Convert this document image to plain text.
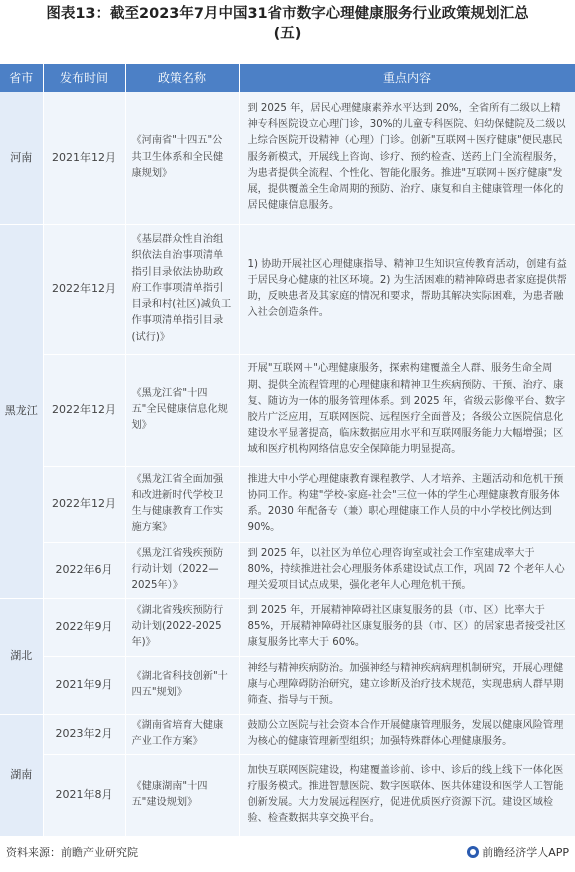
图表13：截至2023年7月中国31省市数字心理健康服务行业政策规划汇总
(五)
省市	发布时间	政策名称	重点内容
河南	2021年12月	《河南省"十四五"公共卫生体系和全民健康规划》	到 2025 年，居民心理健康素养水平达到 20%，全省所有二级以上精神专科医院设立心理门诊，30%的儿童专科医院、妇幼保健院及二级以上综合医院开设精神（心理）门诊。创新"互联网＋医疗健康"便民惠民服务新模式，开展线上咨询、诊疗、预约检查、送药上门全流程服务，为患者提供全流程、个性化、智能化服务。推进"互联网＋医疗健康"发展，提供覆盖全生命周期的预防、治疗、康复和自主健康管理一体化的居民健康信息服务。
黑龙江	2022年12月	《基层群众性自治组织依法自治事项清单指引目录依法协助政府工作事项清单指引目录和村(社区)减负工作事项清单指引目录(试行)》	1) 协助开展社区心理健康指导、精神卫生知识宣传教育活动，创建有益于居民身心健康的社区环境。2) 为生活困难的精神障碍患者家庭提供帮助，反映患者及其家庭的情况和要求，帮助其解决实际困难，为患者融入社会创造条件。
	2022年12月	《黑龙江省"十四五"全民健康信息化规划》	开展"互联网＋"心理健康服务，探索构建覆盖全人群、服务生命全周期、提供全流程管理的心理健康和精神卫生疾病预防、干预、治疗、康复、随访为一体的服务管理体系。到 2025 年，省级云影像平台、数字胶片广泛应用，互联网医院、远程医疗全面普及；各级公立医院信息化建设水平显著提高，临床数据应用水平和互联网服务能力大幅增强；区域和医疗机构网络信息安全保障能力明显提高。
	2022年12月	《黑龙江省全面加强和改进新时代学校卫生与健康教育工作实施方案》	推进大中小学心理健康教育课程教学、人才培养、主题活动和危机干预协同工作。构建"学校-家庭-社会"三位一体的学生心理健康教育服务体系。2030 年配备专（兼）职心理健康工作人员的中小学校比例达到 90%。
	2022年6月	《黑龙江省残疾预防行动计划（2022—2025年）》	到 2025 年，以社区为单位心理咨询室或社会工作室建成率大于 80%，持续推进社会心理服务体系建设试点工作，巩固 72 个老年人心理关爱项目试点成果，强化老年人心理危机干预。
湖北	2022年9月	《湖北省残疾预防行动计划(2022-2025年)》	到 2025 年，开展精神障碍社区康复服务的县（市、区）比率大于 85%，开展精神障碍社区康复服务的县（市、区）的居家患者接受社区康复服务比率大于 60%。
	2021年9月	《湖北省科技创新"十四五"规划》	神经与精神疾病防治。加强神经与精神疾病病理机制研究，开展心理健康与心理障碍防治研究，建立诊断及治疗技术规范，实现患病人群早期筛查、指导与干预。
湖南	2023年2月	《湖南省培育大健康产业工作方案》	鼓励公立医院与社会资本合作开展健康管理服务，发展以健康风险管理为核心的健康管理新型组织；加强特殊群体心理健康服务。
	2021年8月	《健康湖南"十四五"建设规划》	加快互联网医院建设，构建覆盖诊前、诊中、诊后的线上线下一体化医疗服务模式。推进智慧医院、数字医联体、医共体建设和医学人工智能创新发展。大力发展远程医疗，促进优质医疗资源下沉。建设区域检验、检查数据共享交换平台。
资料来源：前瞻产业研究院	前瞻经济学人APP
